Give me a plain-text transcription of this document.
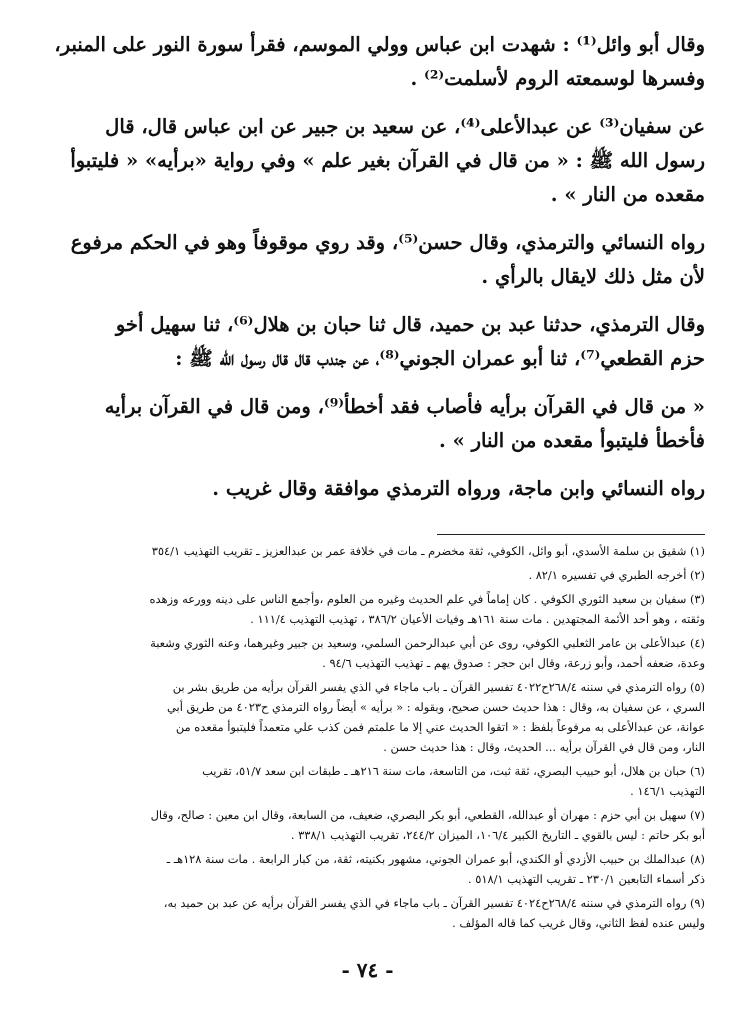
وقال أبو وائل⁽¹⁾ : شهدت ابن عباس وولي الموسم، فقرأ سورة النور على المنبر،
وفسرها لوسمعته الروم لأسلمت⁽²⁾ .

عن سفيان⁽³⁾ عن عبدالأعلى⁽⁴⁾، عن سعيد بن جبير عن ابن عباس قال، قال
رسول الله ﷺ : « من قال في القرآن بغير علم » وفي رواية «برأيه» « فليتبوأ
مقعده من النار » .

رواه النسائي والترمذي، وقال حسن⁽⁵⁾، وقد روي موقوفاً وهو في الحكم مرفوع
لأن مثل ذلك لايقال بالرأي .

وقال الترمذي، حدثنا عبد بن حميد، قال ثنا حبان بن هلال⁽⁶⁾، ثنا سهيل أخو
حزم القطعي⁽⁷⁾، ثنا أبو عمران الجوني⁽⁸⁾، عن جندب قال قال رسول الله ﷺ :

« من قال في القرآن برأيه فأصاب فقد أخطأ⁽⁹⁾، ومن قال في القرآن برأيه
فأخطأ فليتبوأ مقعده من النار » .

رواه النسائي وابن ماجة، ورواه الترمذي موافقة وقال غريب .

(١) شقيق بن سلمة الأسدي، أبو وائل، الكوفي، ثقة مخضرم ـ مات في خلافة عمر بن عبدالعزيز ـ تقريب التهذيب ٣٥٤/١

(٢) أخرجه الطبري في تفسيره ٨٢/١ .

(٣) سفيان بن سعيد الثوري الكوفي . كان إماماً في علم الحديث وغيره من العلوم ،وأجمع الناس على دينه وورعه وزهده
وثقته ، وهو أحد الأئمة المجتهدين . مات سنة ١٦١هـ وفيات الأعيان ٣٨٦/٢ ، تهذيب التهذيب ١١١/٤ .

(٤) عبدالأعلى بن عامر الثعلبي الكوفي، روى عن أبي عبدالرحمن السلمي، وسعيد بن جبير وغيرهما، وعنه الثوري وشعبة
وعدة، ضعفه أحمد، وأبو زرعة، وقال ابن حجر : صدوق يهم ـ تهذيب التهذيب ٩٤/٦ .

(٥) رواه الترمذي في سننه ٢٦٨/٤ح٤٠٢٢ تفسير القرآن ـ باب ماجاء في الذي يفسر القرآن برأيه من طريق بشر بن
السري ، عن سفيان به، وقال : هذا حديث حسن صحيح، وبقوله : « برأيه » أيضاً رواه الترمذي ح٤٠٢٣ من طريق أبي
عوانة، عن عبدالأعلى به مرفوعاً بلفظ : « اتقوا الحديث عني إلا ما علمتم فمن كذب علي متعمداً فليتبوأ مقعده من
النار، ومن قال في القرآن برأيه ... الحديث، وقال : هذا حديث حسن .

(٦) حبان بن هلال، أبو حبيب البصري، ثقة ثبت، من التاسعة، مات سنة ٢١٦هـ ـ طبقات ابن سعد ٥١/٧، تقريب
التهذيب ١٤٦/١ .

(٧) سهيل بن أبي حزم : مهران أو عبدالله، القطعي، أبو بكر البصري، ضعيف، من السابعة، وقال ابن معين : صالح، وقال
أبو بكر حاتم : ليس بالقوي ـ التاريخ الكبير ١٠٦/٤، الميزان ٢٤٤/٢، تقريب التهذيب ٣٣٨/١ .

(٨) عبدالملك بن حبيب الأزدي أو الكندي، أبو عمران الجوني، مشهور بكنيته، ثقة، من كبار الرابعة . مات سنة ١٢٨هـ ـ
ذكر أسماء التابعين ٢٣٠/١ ـ تقريب التهذيب ٥١٨/١ .

(٩) رواه الترمذي في سننه ٢٦٨/٤ح٤٠٢٤ تفسير القرآن ـ باب ماجاء في الذي يفسر القرآن برأيه عن عبد بن حميد به،
وليس عنده لفظ الثاني، وقال غريب كما قاله المؤلف .

- ٧٤ -
